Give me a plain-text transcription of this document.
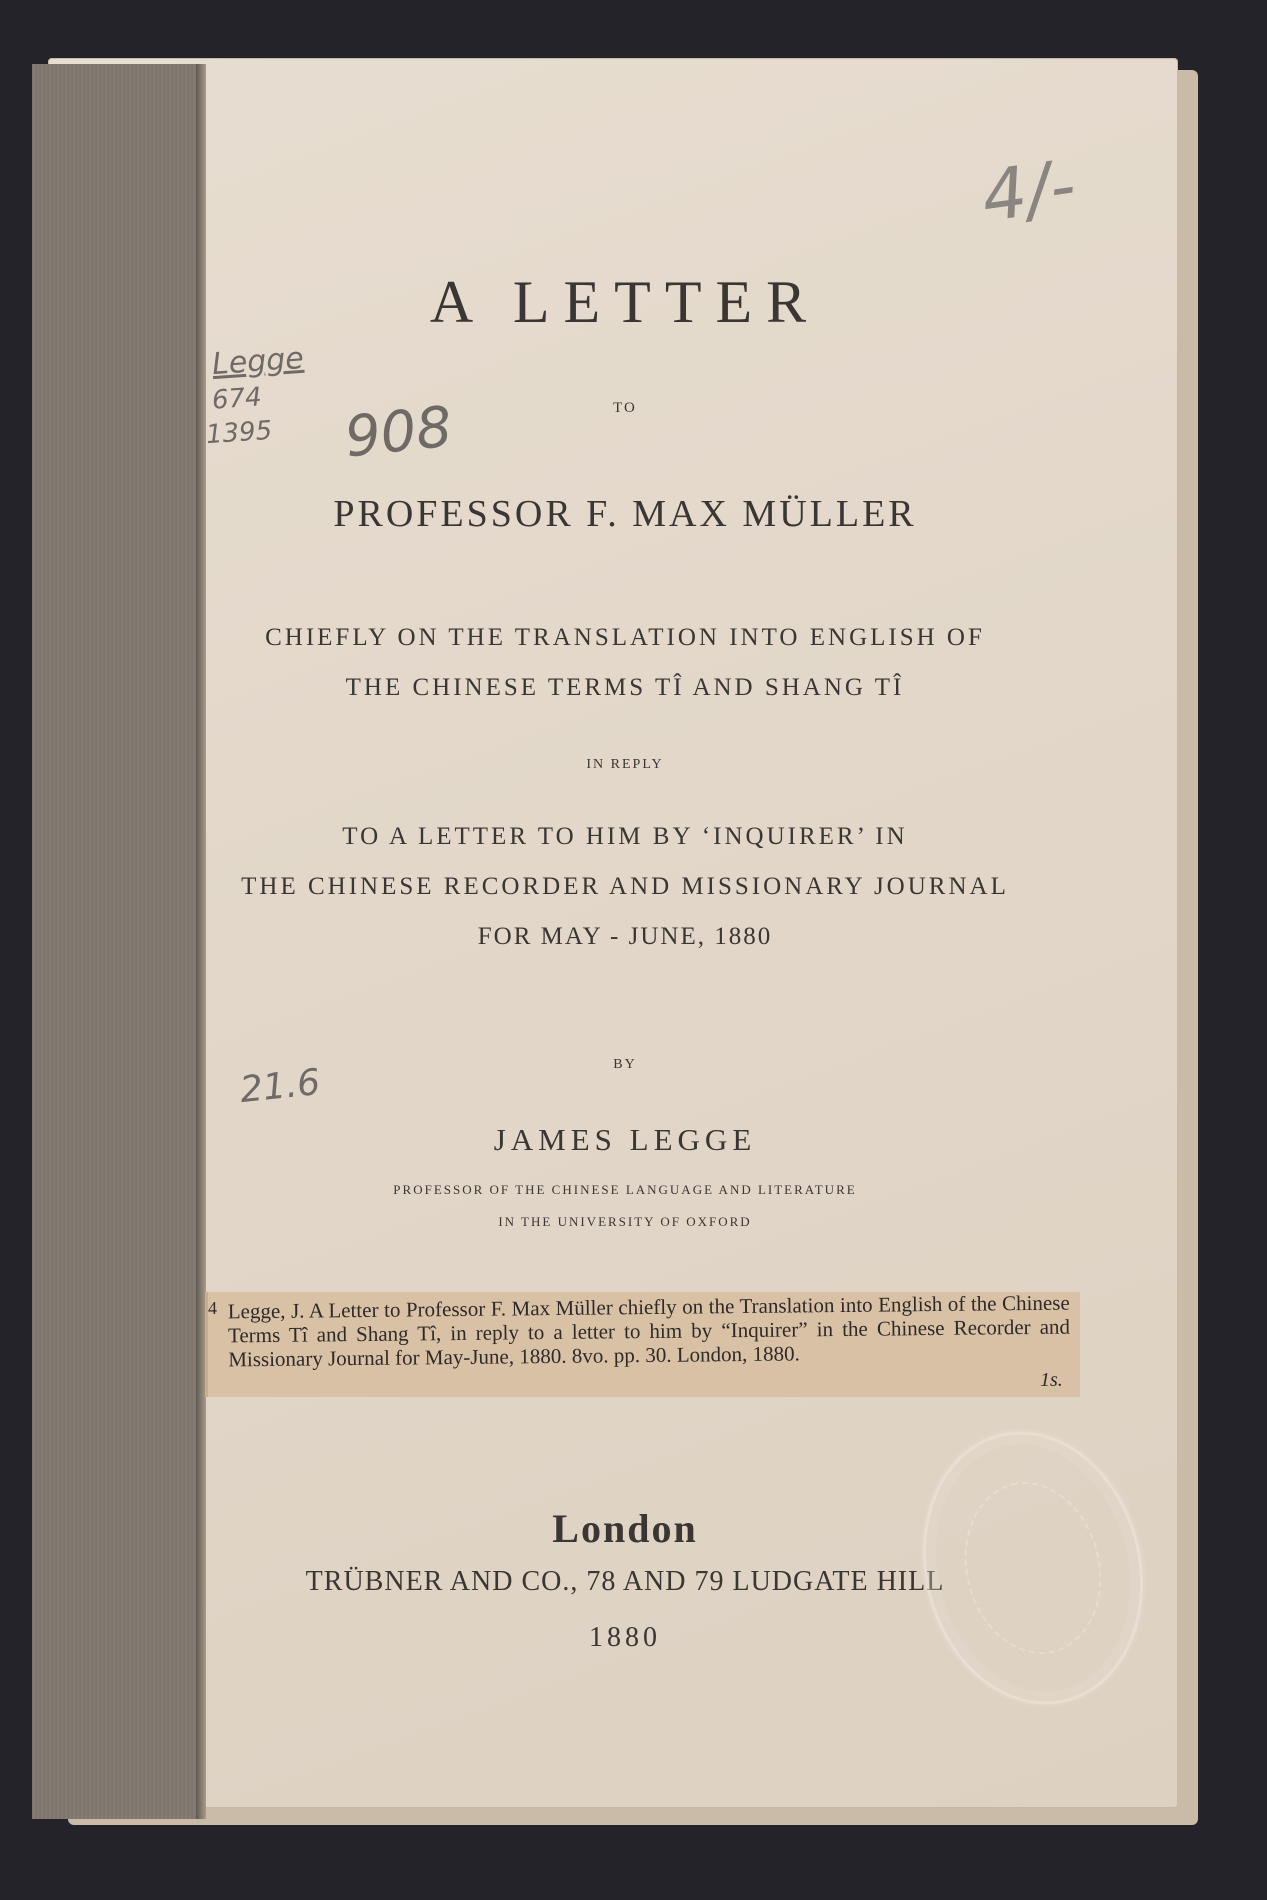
4/-
Legge
674
1395 908
21.6
A LETTER
TO
PROFESSOR F. MAX MÜLLER
CHIEFLY ON THE TRANSLATION INTO ENGLISH OF
THE CHINESE TERMS TÎ AND SHANG TÎ
IN REPLY
TO A LETTER TO HIM BY ‘INQUIRER’ IN
THE CHINESE RECORDER AND MISSIONARY JOURNAL
FOR MAY - JUNE, 1880
BY
JAMES LEGGE
PROFESSOR OF THE CHINESE LANGUAGE AND LITERATURE
IN THE UNIVERSITY OF OXFORD
4 Legge, J. A Letter to Professor F. Max Müller chiefly on the Translation into English of the Chinese Terms Tî and Shang Tî, in reply to a letter to him by “Inquirer” in the Chinese Recorder and Missionary Journal for May-June, 1880. 8vo. pp. 30. London, 1880.
1s.
London
TRÜBNER AND CO., 78 AND 79 LUDGATE HILL
1880
